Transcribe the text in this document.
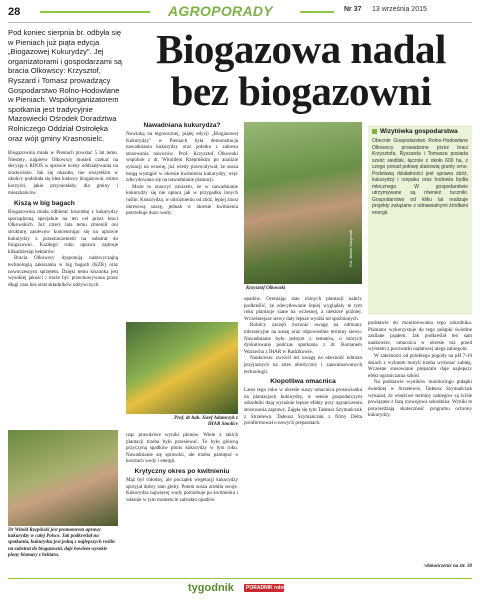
28	AGROPORADY	Nr 37 13 września 2015
Pod koniec sierpnia br. odbyła się w Pieniach już piąta edycja „Biogazowej Kukurydzy". Jej organizatorami i gospodarzami są bracia Olkowscy: Krzysztof, Ryszard i Tomasz prowadzący Gospodarstwo Rolno-Hodowlane w Pieniach. Współorganizatorem spotkania jest tradycyjnie Mazowiecki Ośrodek Doradztwa Rolniczego Oddział Ostrołęka oraz wójt gminy Krasnosielc.
Biogazowa nadal
bez biogazowni

Biogazownia miała w Pieniach powstać 5 lat temu. Niestety, najpierw Olkowscy musieli czekać na decyzję z RDOŚ w sprawie oceny oddziaływania na środowisko. Jak się okazało, nie wszystkim w okolicy podobała się idea budowy biogazowni, mimo korzyści, jakie przyniosłaby dla gminy i mieszkańców.

Kiszą w big bagach

Biogazownia miała odbierać kiszonkę z kukurydzy sporządzoną specjalnie na ten cel przez braci Olkowskich. Już cztery lata temu zmienili oni strukturę zasiewów koncentrując się na uprawie kukurydzy z przeznaczeniem na substrat do biogazowni. Każdego roku uprawa zajmuje kilkadziesiąt hektarów.

Bracia Olkowscy dysponują nadzwyczajną technologią zakiszania w big bagach (KZK) oraz nowoczesnym sprzętem. Dzięki temu kiszonka jest wysokiej jakości i może być przechowywana przez długi czas bez strat składników odżywczych.

Dr Witold Rzepiński jest promotorem uprawy kukurydzy w całej Polsce. Jak podkreślał na spotkaniu, kukurydza jest jedną z najlepszych roślin na substrat do biogazowni, daje bowiem wysokie plony biomasy z hektara.
Nawadniana kukurydza?

Nowinką na tegorocznej, piątej edycji „Biogazowej Kukurydzy" w Pieniach była demonstracja nawadniania kukurydzy oraz poletko z zakresu stosowania nawozów. Prof. Krzysztof Olkowski wspólnie z dr. Witoldem Rzepińskim po analizie sytuacji na wiosnę, już wtedy przewidywał, że susza mogą wystąpić w okresie kwitnienia kukurydzy, więc zdecydowano się na nawadnianie plantacji.

Może to znaczyć zarazem, że w nawadnianie kukurydzy się nie opłaca jak w przypadku innych roślin. Kukurydza, w odróżnieniu od zbóż, lepiej znosi okresową suszę, jednak w okresie kwitnienia potrzebuje dużo wody.

Prof. dr hab. Józef Adamczyk z IHAR Smolice

rząc prawdziwe wyniki plonów. Wiele z takich plantacji trzeba było przesiewać. To było główną przyczyną spadków plonu kukurydzy w tym roku. Nawadnianie się sprawdzi, ale trzeba pamiętać o kosztach wody i energii.

Krytyczny okres po kwitnieniu

Mąż był chłodny, ale początek wegetacji kukurydzy sprzyjał dobry stan gleby. Potem susza zrobiła swoje. Kukurydza najwięcej wody potrzebuje po kwitnieniu i właśnie w tym momencie zabrakło opadów.

Fot. Marek Kacprzak
Krzysztof Olkowski

opadów. Oceniając stan różnych plantacji należy podkreślić, że zdecydowanie lepiej wyglądały te tym roku plantacje siane na wczesnej, a niektóre później. Wcześniejsze siewy dały lepsze wyniki od spóźnionych.

Rolnicy zaczęli zwracać uwagę na odmiany tolerancyjne na suszę oraz odpowiednie terminy siewu. Nawadnianie było jednym z tematów, o których dyskutowano podczas spotkania z dr. Romanem Warzecha z IHAR w Radzikowie.

Naukowiec zwrócił też uwagę na obecność odmian przyjaznych na stres abiotyczny i zaawansowanych technologii.

Klopotliwa omacnica

Latos tego roku w okresie suszy omacnica prosowianka na plantacjach kukurydzy, w sensie gospodarczym szkodniki dają wyraźnie lepsze efekty przy ograniczeniu stosowania zaprawy. Zajęła się tym Tadeusz Szymańczuk z Strzelewa. Tadeusz Szymańczuk z firmy Delta poinformował o nowych preparatach.

Wizytówka gospodarstwa

Obecnie Gospodarstwo Rolno-Hodowlane Olkowscy prowadzone przez braci Krzysztofa, Ryszarda i Tomasza posiada sześć siedlisk, łącznie z około 600 ha, z czego ponad połowę stanowią grunty orne. Podstawą działalności jest uprawa zbóż, kukurydzy i rzepaku oraz hodowla bydła mlecznego. W gospodarstwie utrzymywane są również tuczniki. Gospodarstwo od kilku lat realizuje projekty związane z odnawialnymi źródłami energii.

podstawie do monitorowania tego szkodnika. Plantator wykorzystuje do tego pułapki świetlne zasilane prądem. Jak podkreślał ten sam naukowiec, omacnica w okresie tuż przed wylotem z poczwarki najłatwiej ulega zabiegom.

W zależności od przebiegu pogody na pH 7-10 dniach z wylotem motyli trzeba wykonać zabieg. Wczesne stosowanie preparatu daje najlepszy efekt ograniczania szkód.

Na podstawie wyników monitoringu pułapki świetlnej w Strzelewie, Tadeusz Szymańczuk wykazał, że właściwe terminy zabiegów są ściśle powiązane z fazą rozwojowa szkodnika. Wyniki te potwierdzają skuteczność programu ochrony kukurydzy.

>dokończenie na str. 30
tygodnik	PORADNIK rolniczy
